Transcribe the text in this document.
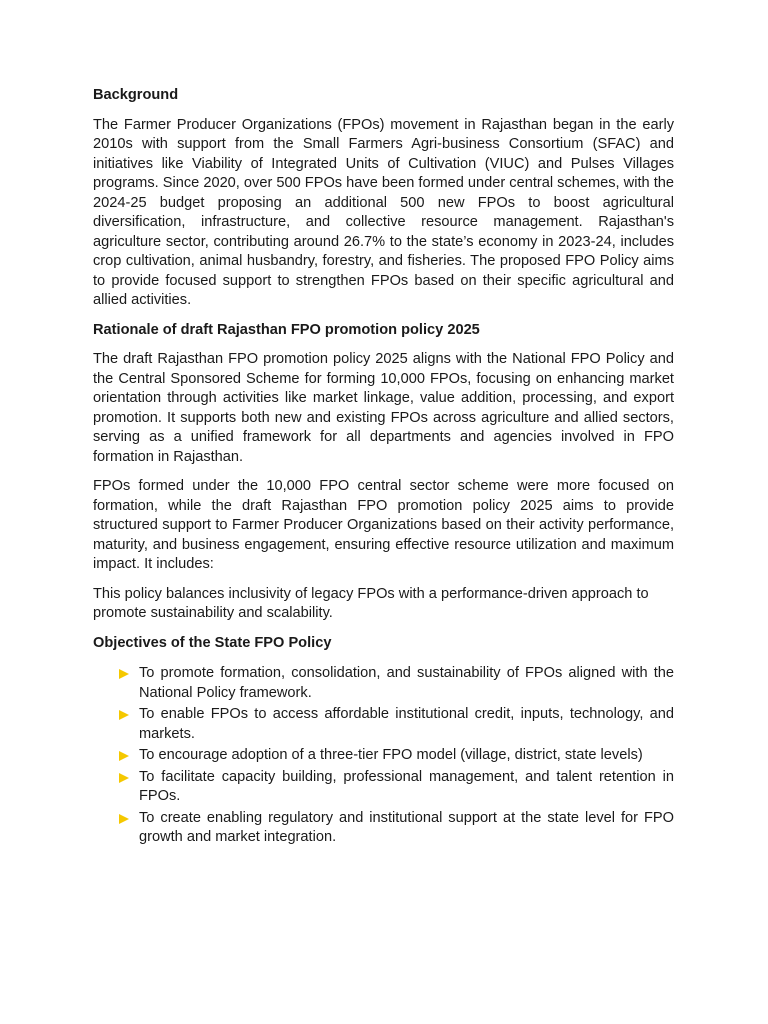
Background

The Farmer Producer Organizations (FPOs) movement in Rajasthan began in the early 2010s with support from the Small Farmers Agri-business Consortium (SFAC) and initiatives like Viability of Integrated Units of Cultivation (VIUC) and Pulses Villages programs. Since 2020, over 500 FPOs have been formed under central schemes, with the 2024-25 budget proposing an additional 500 new FPOs to boost agricultural diversification, infrastructure, and collective resource management. Rajasthan's agriculture sector, contributing around 26.7% to the state’s economy in 2023-24, includes crop cultivation, animal husbandry, forestry, and fisheries. The proposed FPO Policy aims to provide focused support to strengthen FPOs based on their specific agricultural and allied activities.

Rationale of draft Rajasthan FPO promotion policy 2025

The draft Rajasthan FPO promotion policy 2025 aligns with the National FPO Policy and the Central Sponsored Scheme for forming 10,000 FPOs, focusing on enhancing market orientation through activities like market linkage, value addition, processing, and export promotion. It supports both new and existing FPOs across agriculture and allied sectors, serving as a unified framework for all departments and agencies involved in FPO formation in Rajasthan.

FPOs formed under the 10,000 FPO central sector scheme were more focused on formation, while the draft Rajasthan FPO promotion policy 2025 aims to provide structured support to Farmer Producer Organizations based on their activity performance, maturity, and business engagement, ensuring effective resource utilization and maximum impact. It includes:

This policy balances inclusivity of legacy FPOs with a performance-driven approach to promote sustainability and scalability.

Objectives of the State FPO Policy
To promote formation, consolidation, and sustainability of FPOs aligned with the National Policy framework.
To enable FPOs to access affordable institutional credit, inputs, technology, and markets.
To encourage adoption of a three-tier FPO model (village, district, state levels)
To facilitate capacity building, professional management, and talent retention in FPOs.
To create enabling regulatory and institutional support at the state level for FPO growth and market integration.
